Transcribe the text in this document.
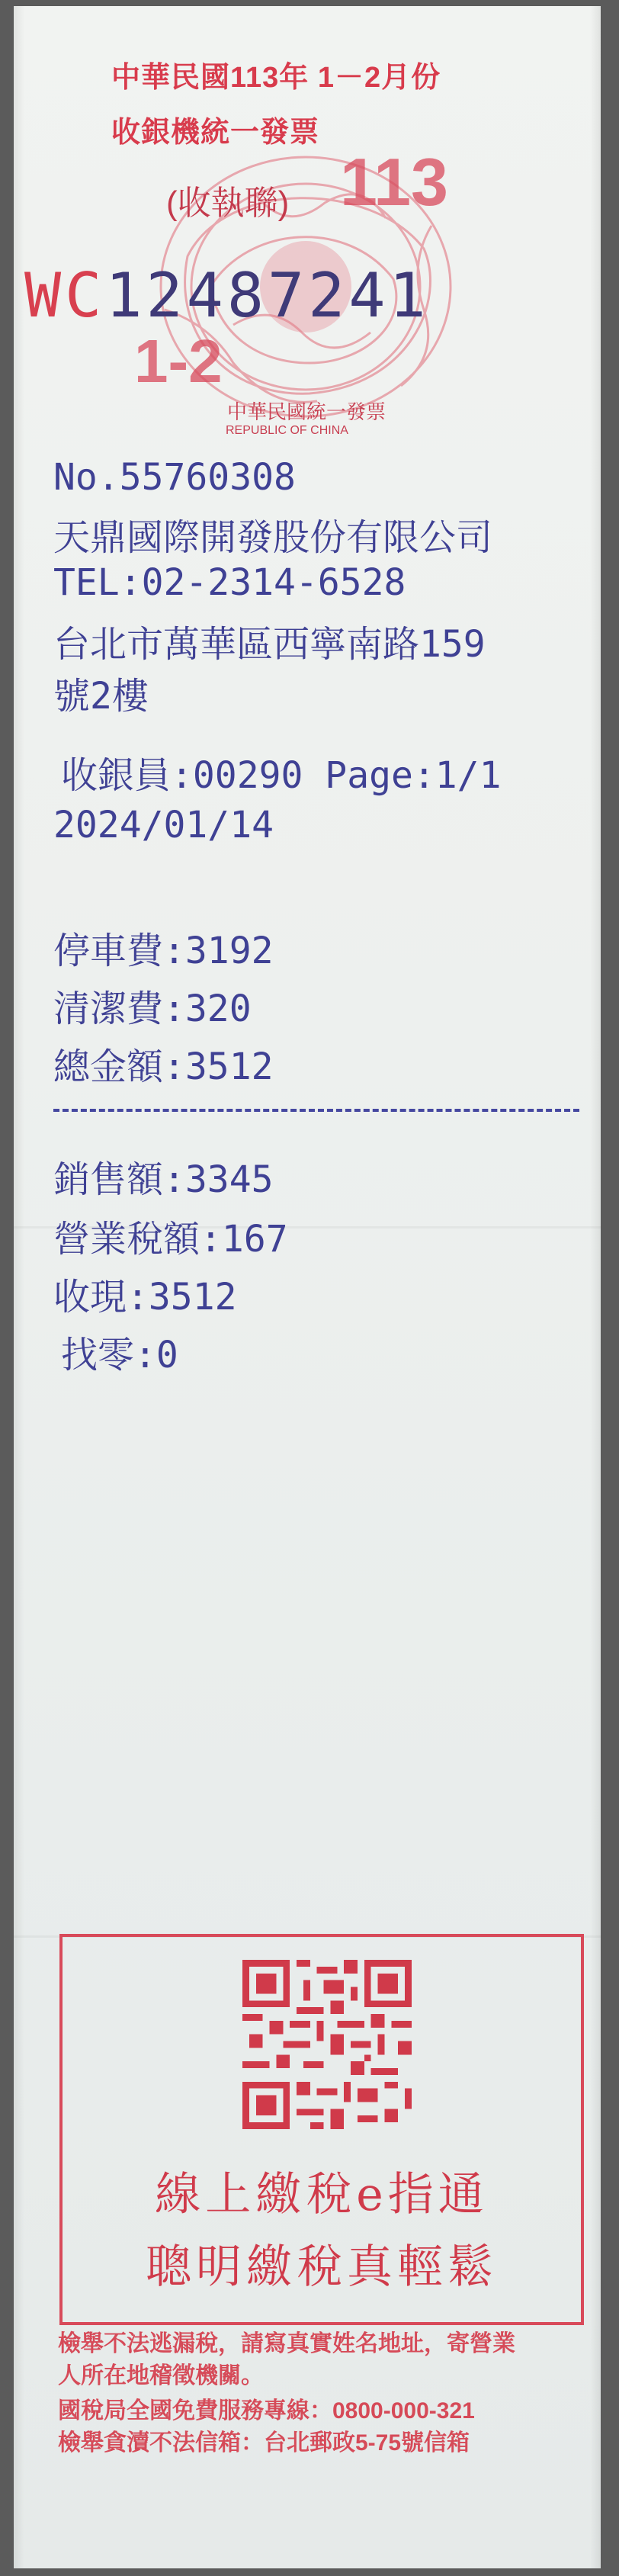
中華民國113年 1－2月份
收銀機統一發票
113
(收執聯)
1-2
中華民國統一發票
REPUBLIC OF CHINA
WC12487241
No.55760308
天鼎國際開發股份有限公司
TEL:02-2314-6528
台北市萬華區西寧南路159
號2樓
收銀員:00290 Page:1/1
2024/01/14
停車費:3192
清潔費:320
總金額:3512
銷售額:3345
營業稅額:167
收現:3512
找零:0
線上繳稅e指通
聰明繳稅真輕鬆
檢舉不法逃漏稅，請寫真實姓名地址，寄營業
人所在地稽徵機關。
國稅局全國免費服務專線：0800-000-321
檢舉貪瀆不法信箱：台北郵政5-75號信箱
